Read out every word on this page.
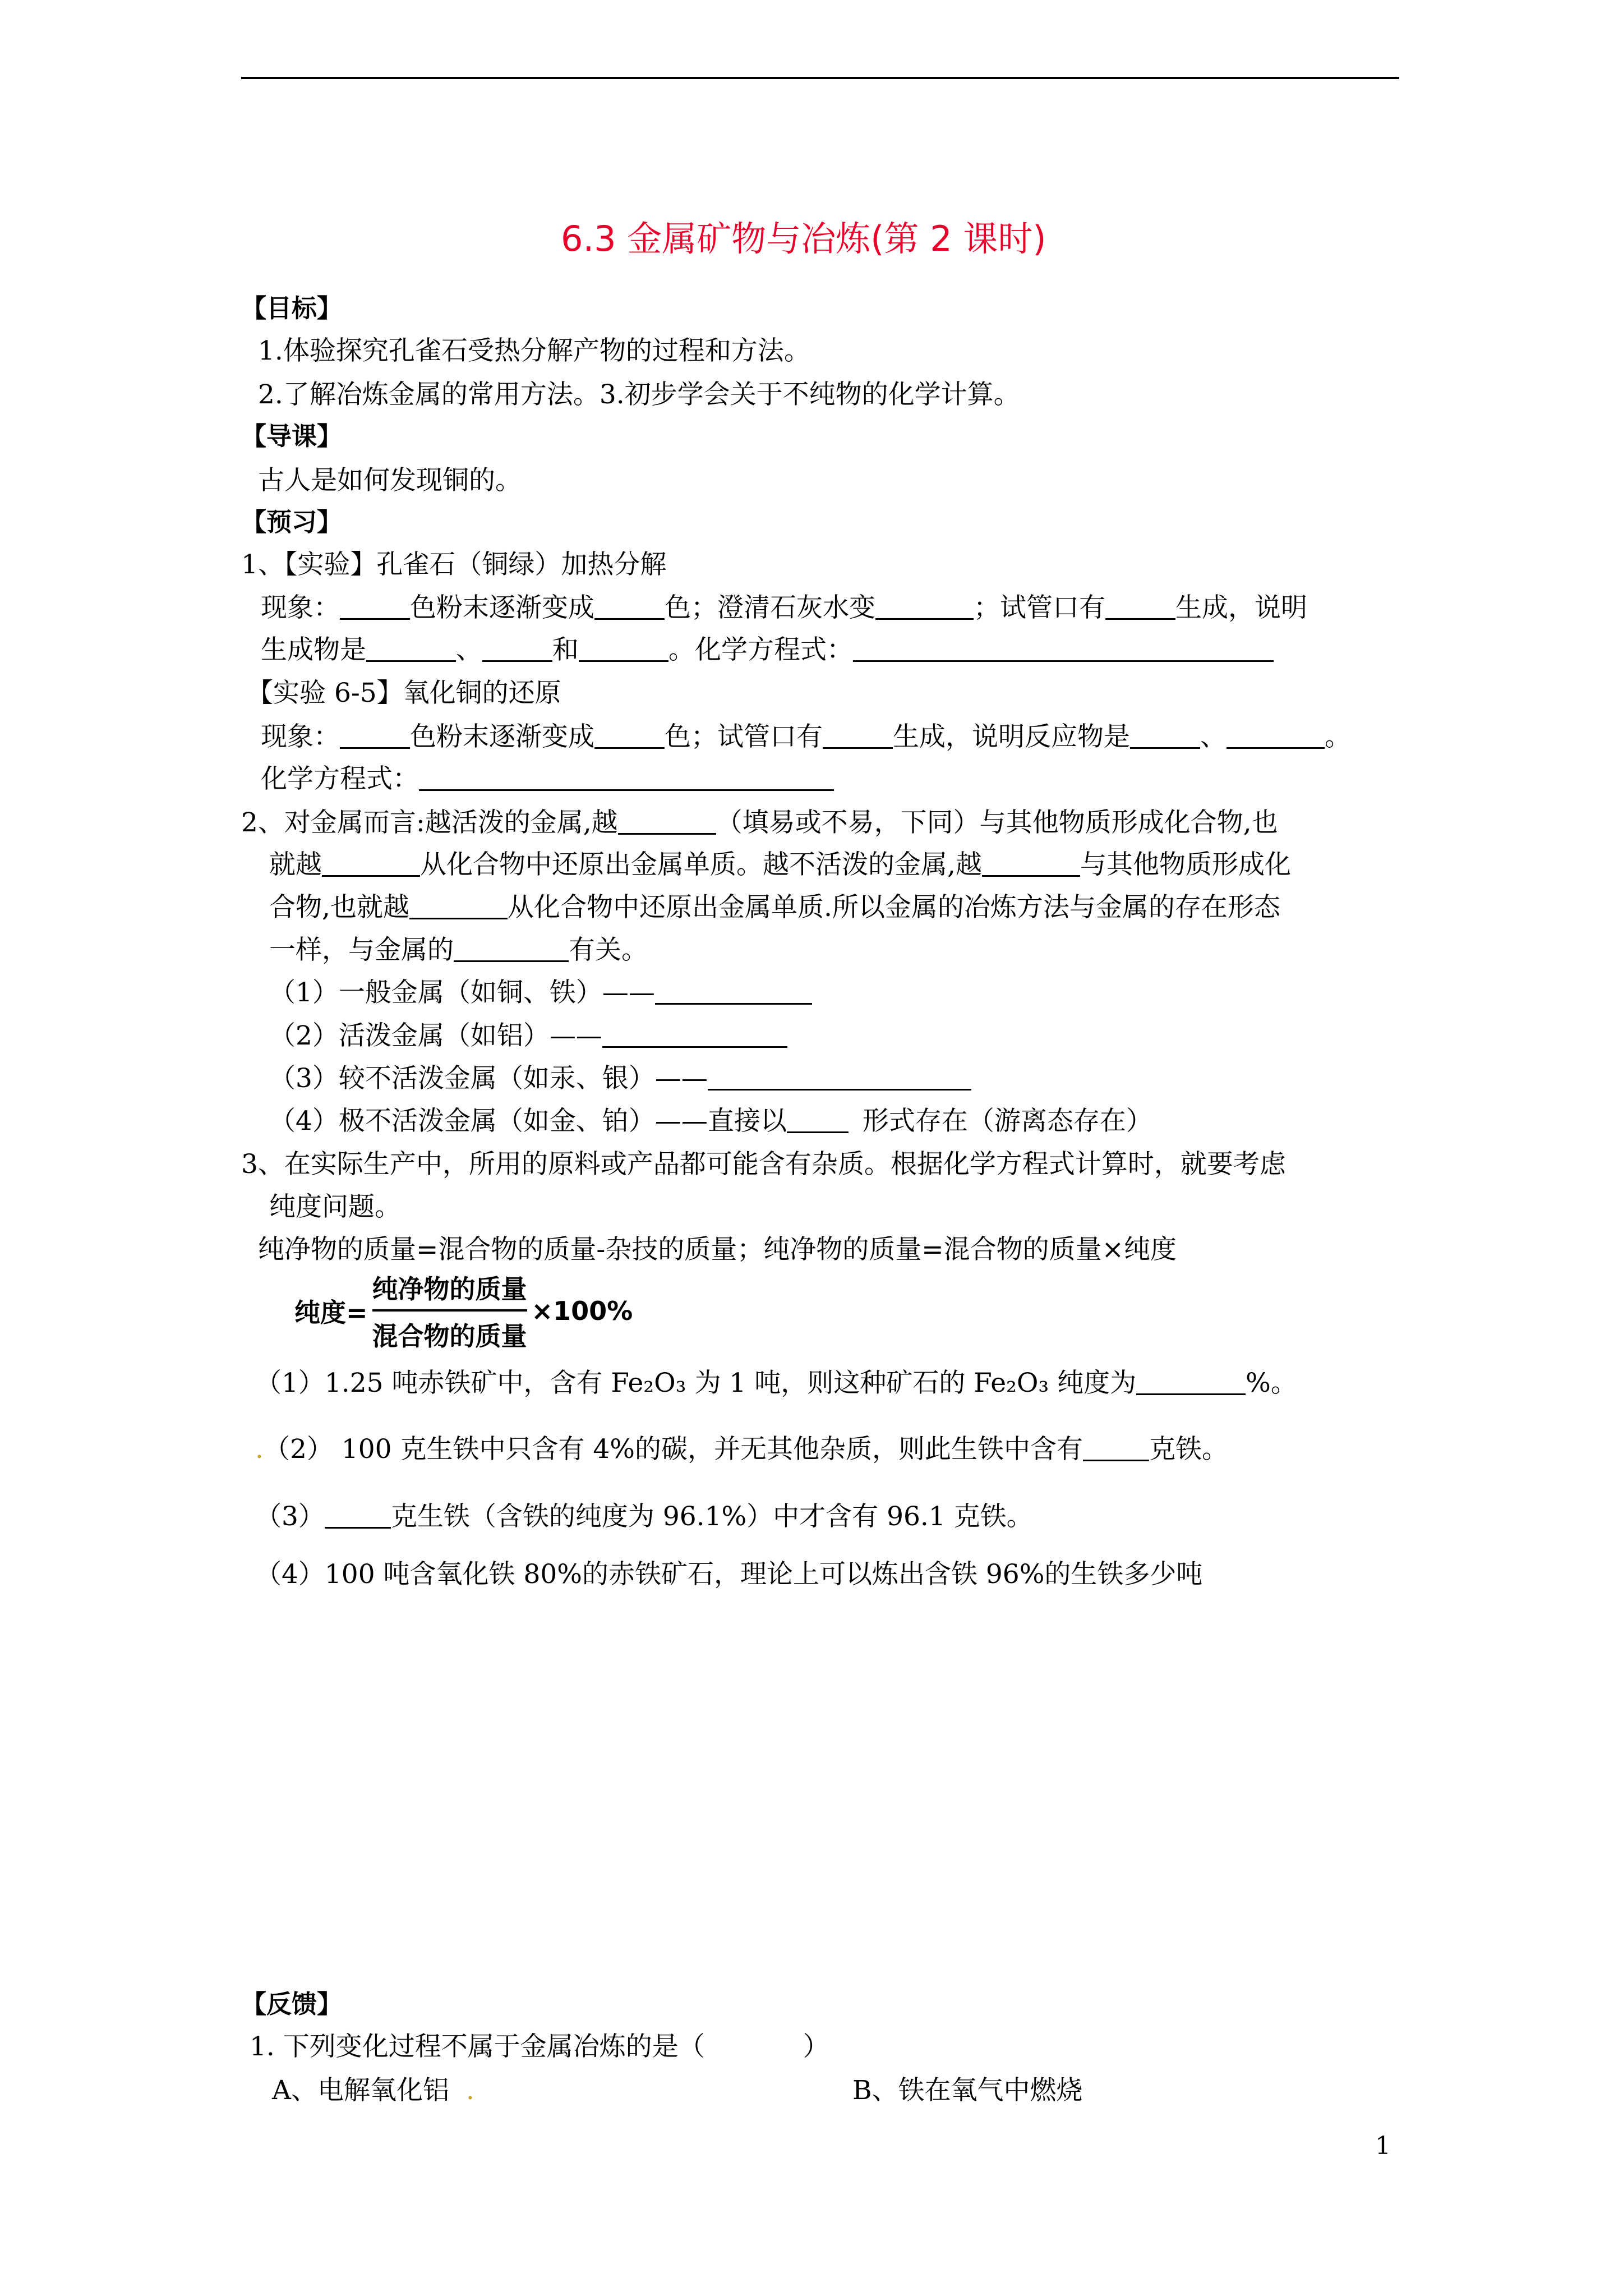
6.3 金属矿物与冶炼(第 2 课时)
【目标】
1.体验探究孔雀石受热分解产物的过程和方法。
2.了解冶炼金属的常用方法。3.初步学会关于不纯物的化学计算。
【导课】
古人是如何发现铜的。
【预习】
1、【实验】孔雀石（铜绿）加热分解
现象：	色粉末逐渐变成	色；澄清石灰水变	；试管口有	生成，说明
生成物是	、	和	。化学方程式：
【实验 6-5】氧化铜的还原
现象：	色粉末逐渐变成	色；试管口有	生成，说明反应物是	、	。
化学方程式：
2、对金属而言:越活泼的金属,越	（填易或不易，下同）与其他物质形成化合物,也
就越	从化合物中还原出金属单质。越不活泼的金属,越	与其他物质形成化
合物,也就越	从化合物中还原出金属单质.所以金属的冶炼方法与金属的存在形态
一样，与金属的	有关。
（1）一般金属（如铜、铁）——
（2）活泼金属（如铝）——
（3）较不活泼金属（如汞、银）——
（4）极不活泼金属（如金、铂）——直接以	形式存在（游离态存在）
3、在实际生产中，所用的原料或产品都可能含有杂质。根据化学方程式计算时，就要考虑
纯度问题。
纯净物的质量=混合物的质量-杂技的质量；纯净物的质量=混合物的质量×纯度
纯度= $\frac{\text{纯净物的质量}}{\text{混合物的质量}} \times 100\%$
（1）1.25 吨赤铁矿中，含有 Fe₂O₃ 为 1 吨，则这种矿石的 Fe₂O₃ 纯度为	%。
.（2） 100 克生铁中只含有 4%的碳，并无其他杂质，则此生铁中含有	克铁。
（3）	克生铁（含铁的纯度为 96.1%）中才含有 96.1 克铁。
（4）100 吨含氧化铁 80%的赤铁矿石，理论上可以炼出含铁 96%的生铁多少吨
【反馈】
1. 下列变化过程不属于金属冶炼的是（	）
A、电解氧化铝 .	B、铁在氧气中燃烧
1
